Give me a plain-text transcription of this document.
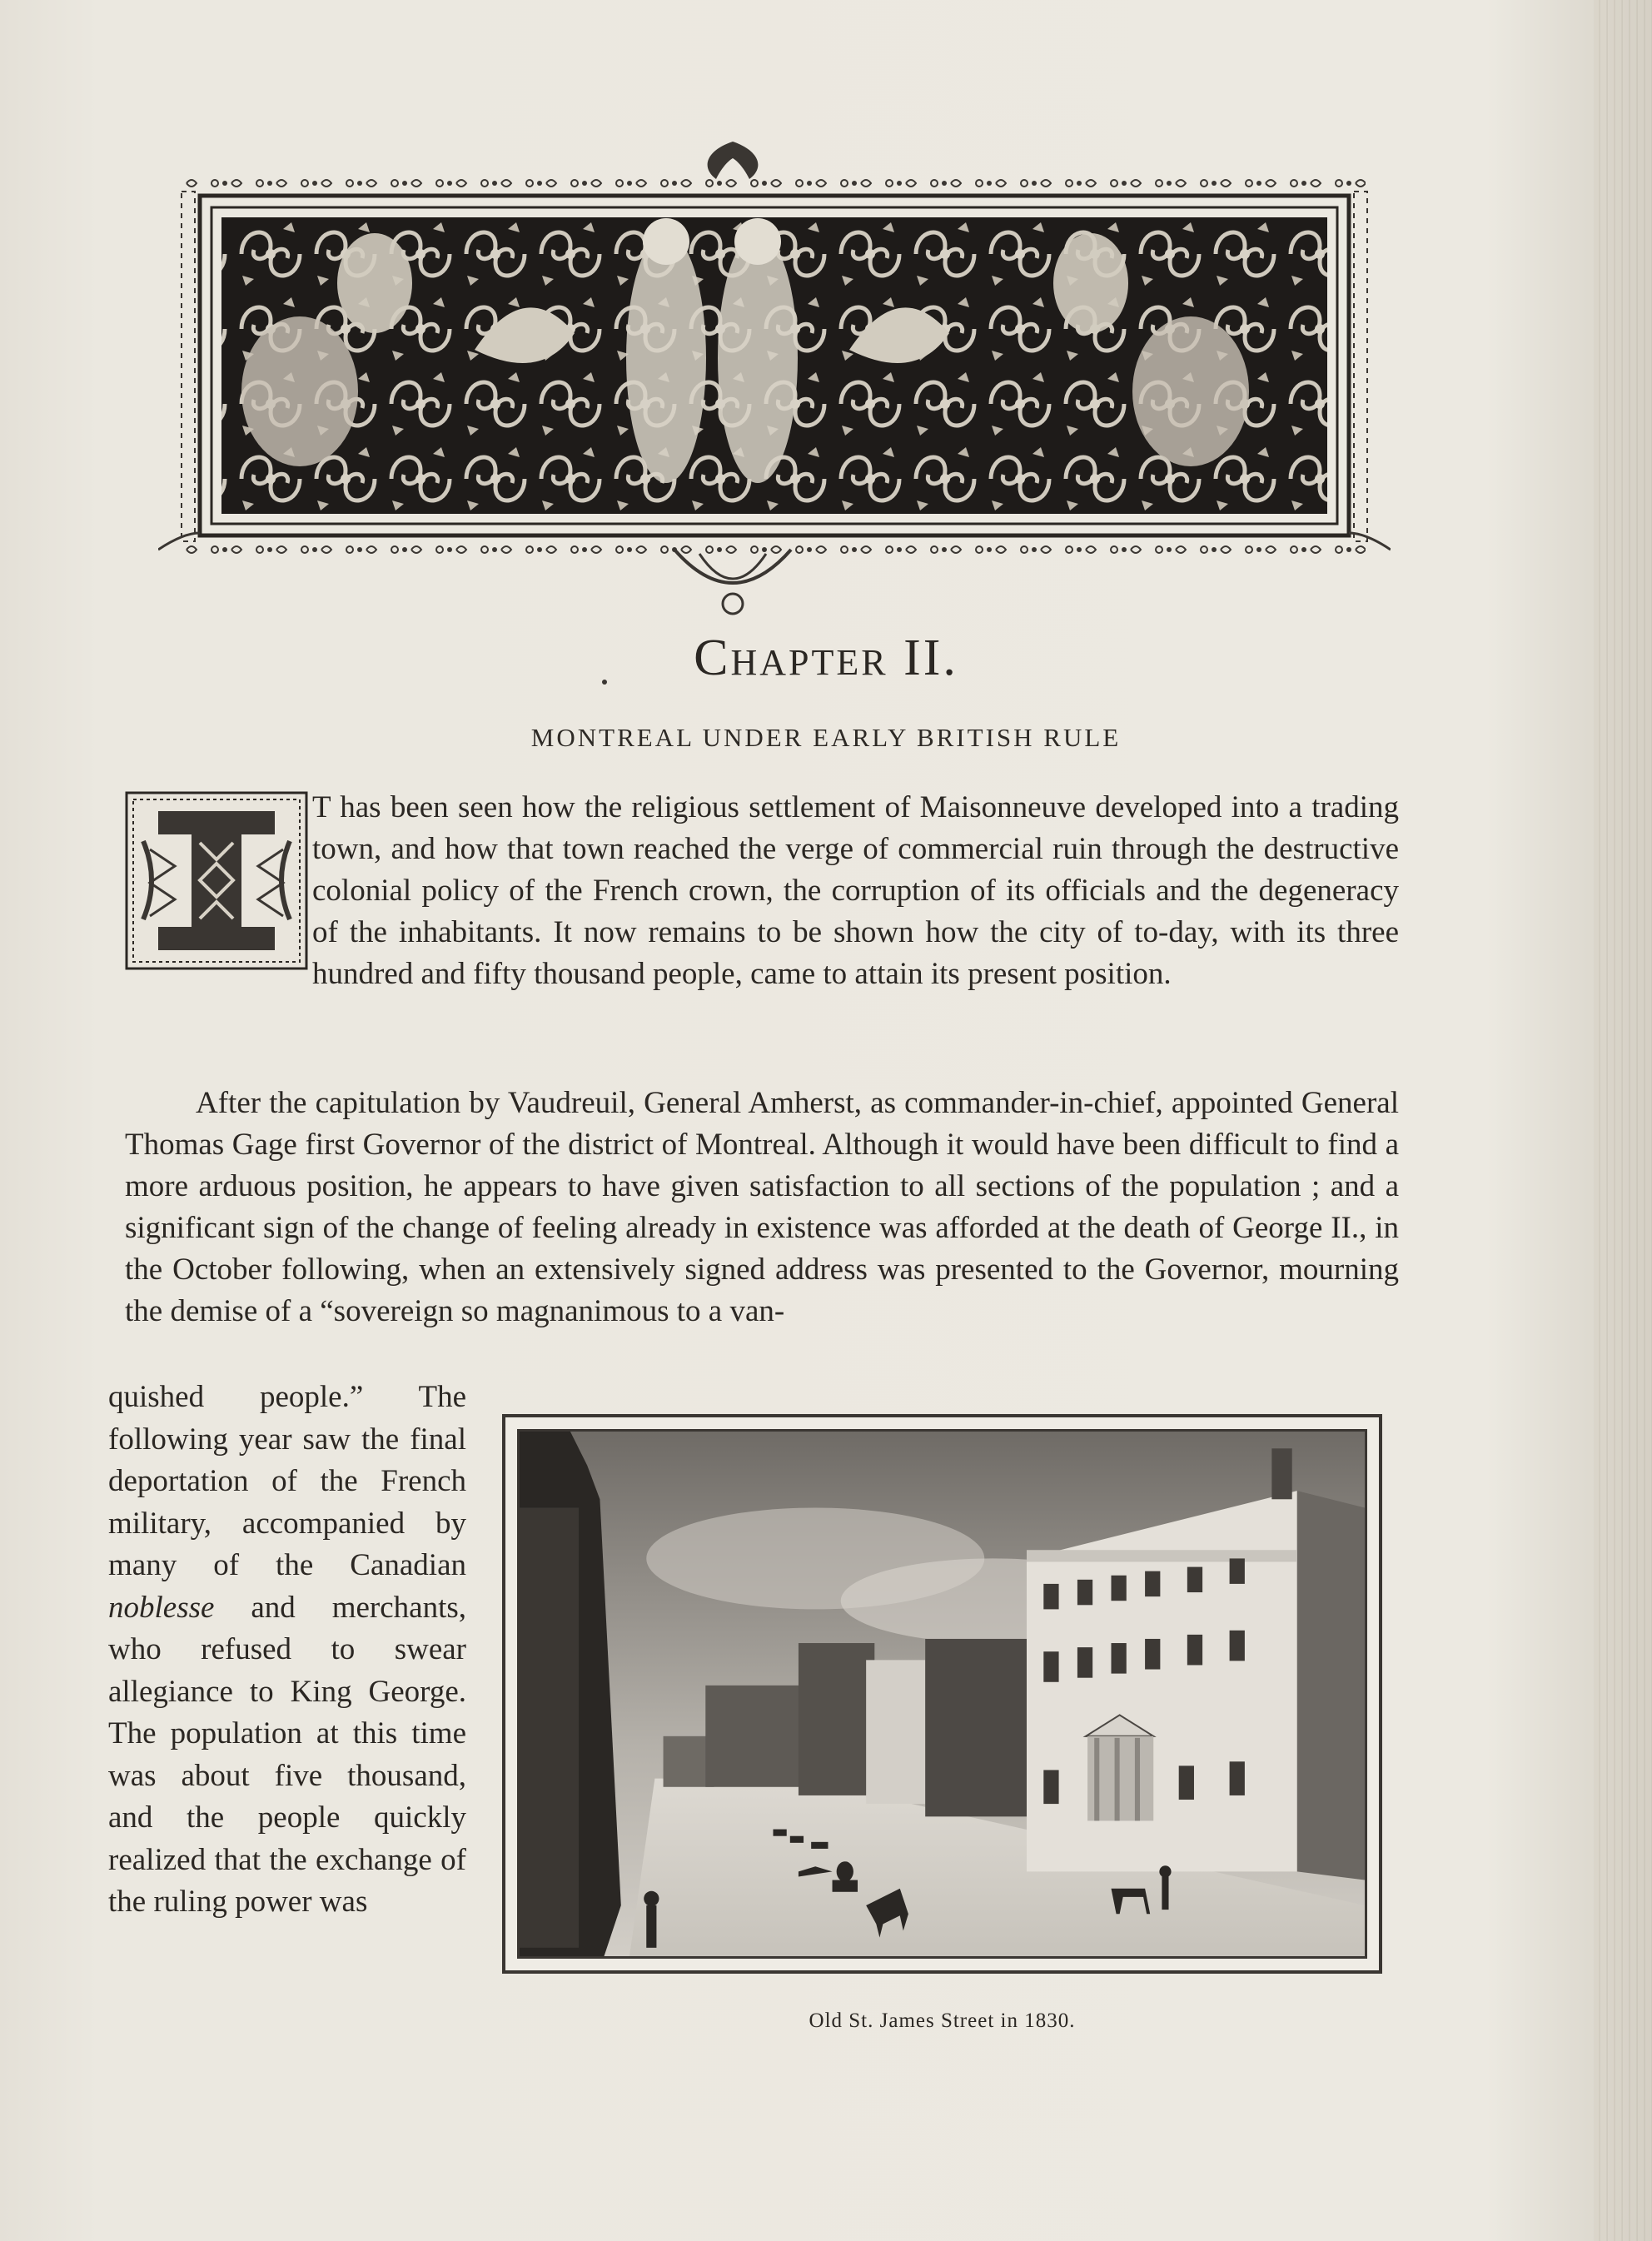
CHAPTER II.
MONTREAL UNDER EARLY BRITISH RULE
T has been seen how the religious settlement of Maisonneuve developed into a trading town, and how that town reached the verge of commercial ruin through the destructive colonial policy of the French crown, the corruption of its officials and the degeneracy of the inhabitants. It now remains to be shown how the city of to-day, with its three hundred and fifty thousand people, came to attain its present position.
After the capitulation by Vaudreuil, General Amherst, as commander-in-chief, appointed General Thomas Gage first Governor of the district of Montreal. Although it would have been difficult to find a more arduous position, he appears to have given satisfaction to all sections of the population ; and a significant sign of the change of feeling already in existence was afforded at the death of George II., in the October following, when an extensively signed address was presented to the Governor, mourning the demise of a “sovereign so magnanimous to a van-
quished people.” The following year saw the final deportation of the French military, accompanied by many of the Canadian noblesse and merchants, who refused to swear allegiance to King George. The population at this time was about five thousand, and the people quickly realized that the exchange of the ruling power was
Old St. James Street in 1830.
